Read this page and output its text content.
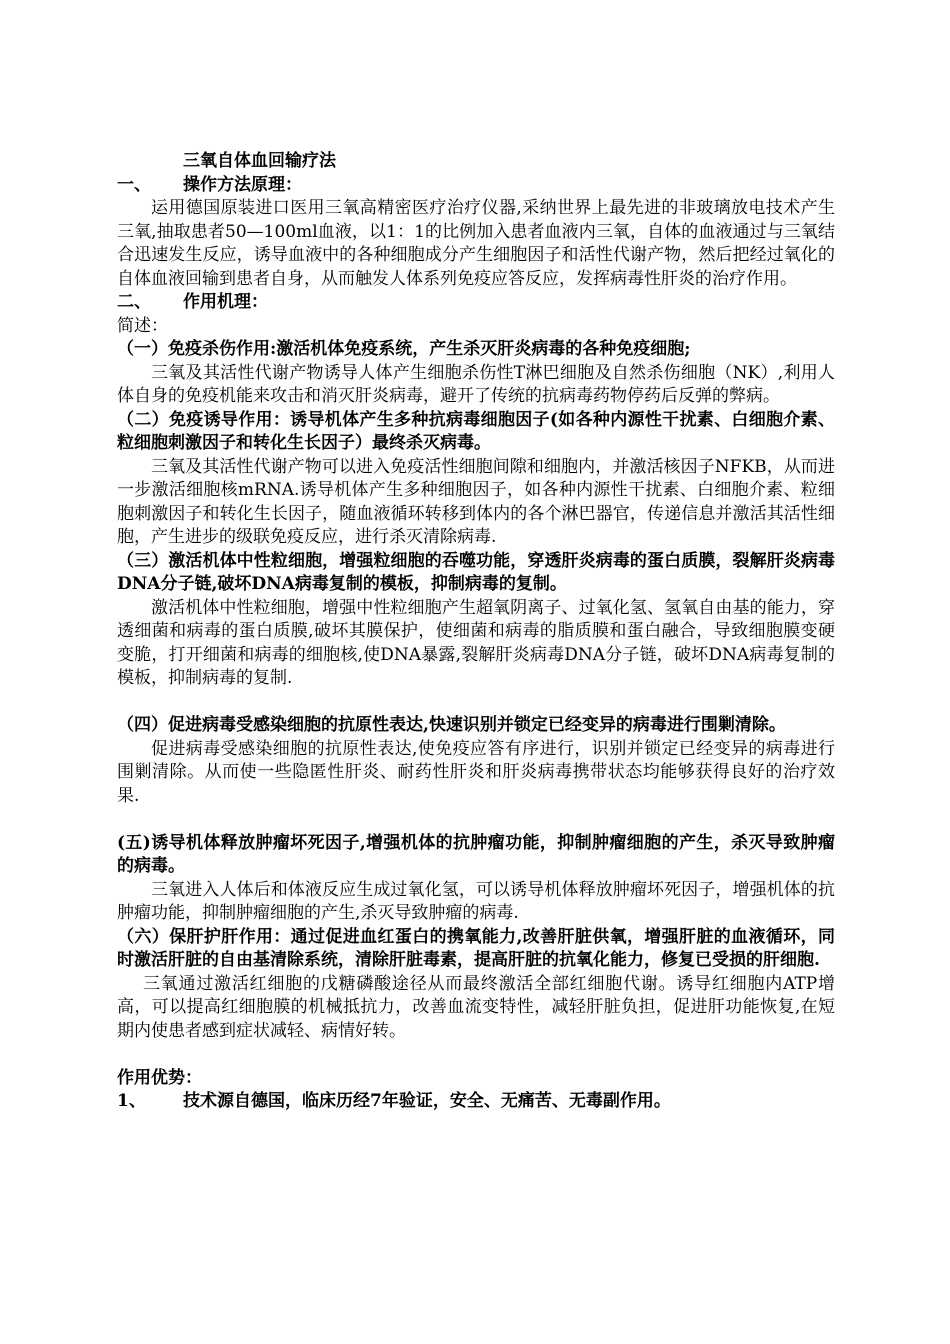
三氧自体血回输疗法

一、	操作方法原理：

运用德国原装进口医用三氧高精密医疗治疗仪器,采纳世界上最先进的非玻璃放电技术产生三氧,抽取患者50—100ml血液，以1：1的比例加入患者血液内三氧，自体的血液通过与三氧结合迅速发生反应，诱导血液中的各种细胞成分产生细胞因子和活性代谢产物，然后把经过氧化的自体血液回输到患者自身，从而触发人体系列免疫应答反应，发挥病毒性肝炎的治疗作用。

二、	作用机理：

简述：

（一）免疫杀伤作用:激活机体免疫系统，产生杀灭肝炎病毒的各种免疫细胞;

三氧及其活性代谢产物诱导人体产生细胞杀伤性T淋巴细胞及自然杀伤细胞（NK）,利用人体自身的免疫机能来攻击和消灭肝炎病毒，避开了传统的抗病毒药物停药后反弹的弊病。

（二）免疫诱导作用：诱导机体产生多种抗病毒细胞因子(如各种内源性干扰素、白细胞介素、粒细胞刺激因子和转化生长因子）最终杀灭病毒。

三氧及其活性代谢产物可以进入免疫活性细胞间隙和细胞内，并激活核因子NFKB，从而进一步激活细胞核mRNA.诱导机体产生多种细胞因子，如各种内源性干扰素、白细胞介素、粒细胞刺激因子和转化生长因子，随血液循环转移到体内的各个淋巴器官，传递信息并激活其活性细胞，产生进步的级联免疫反应，进行杀灭清除病毒.

（三）激活机体中性粒细胞，增强粒细胞的吞噬功能，穿透肝炎病毒的蛋白质膜，裂解肝炎病毒DNA分子链,破坏DNA病毒复制的模板，抑制病毒的复制。

激活机体中性粒细胞，增强中性粒细胞产生超氧阴离子、过氧化氢、氢氧自由基的能力，穿透细菌和病毒的蛋白质膜,破坏其膜保护，使细菌和病毒的脂质膜和蛋白融合，导致细胞膜变硬变脆，打开细菌和病毒的细胞核,使DNA暴露,裂解肝炎病毒DNA分子链，破坏DNA病毒复制的模板，抑制病毒的复制.

（四）促进病毒受感染细胞的抗原性表达,快速识别并锁定已经变异的病毒进行围剿清除。

促进病毒受感染细胞的抗原性表达,使免疫应答有序进行，识别并锁定已经变异的病毒进行围剿清除。从而使一些隐匿性肝炎、耐药性肝炎和肝炎病毒携带状态均能够获得良好的治疗效果.

(五)诱导机体释放肿瘤坏死因子,增强机体的抗肿瘤功能，抑制肿瘤细胞的产生，杀灭导致肿瘤的病毒。

三氧进入人体后和体液反应生成过氧化氢，可以诱导机体释放肿瘤坏死因子，增强机体的抗肿瘤功能，抑制肿瘤细胞的产生,杀灭导致肿瘤的病毒.

（六）保肝护肝作用：通过促进血红蛋白的携氧能力,改善肝脏供氧，增强肝脏的血液循环，同时激活肝脏的自由基清除系统，清除肝脏毒素，提高肝脏的抗氧化能力，修复已受损的肝细胞.

三氧通过激活红细胞的戊糖磷酸途径从而最终激活全部红细胞代谢。诱导红细胞内ATP增高，可以提高红细胞膜的机械抵抗力，改善血流变特性，减轻肝脏负担，促进肝功能恢复,在短期内使患者感到症状减轻、病情好转。

作用优势：

1、	技术源自德国，临床历经7年验证，安全、无痛苦、无毒副作用。
